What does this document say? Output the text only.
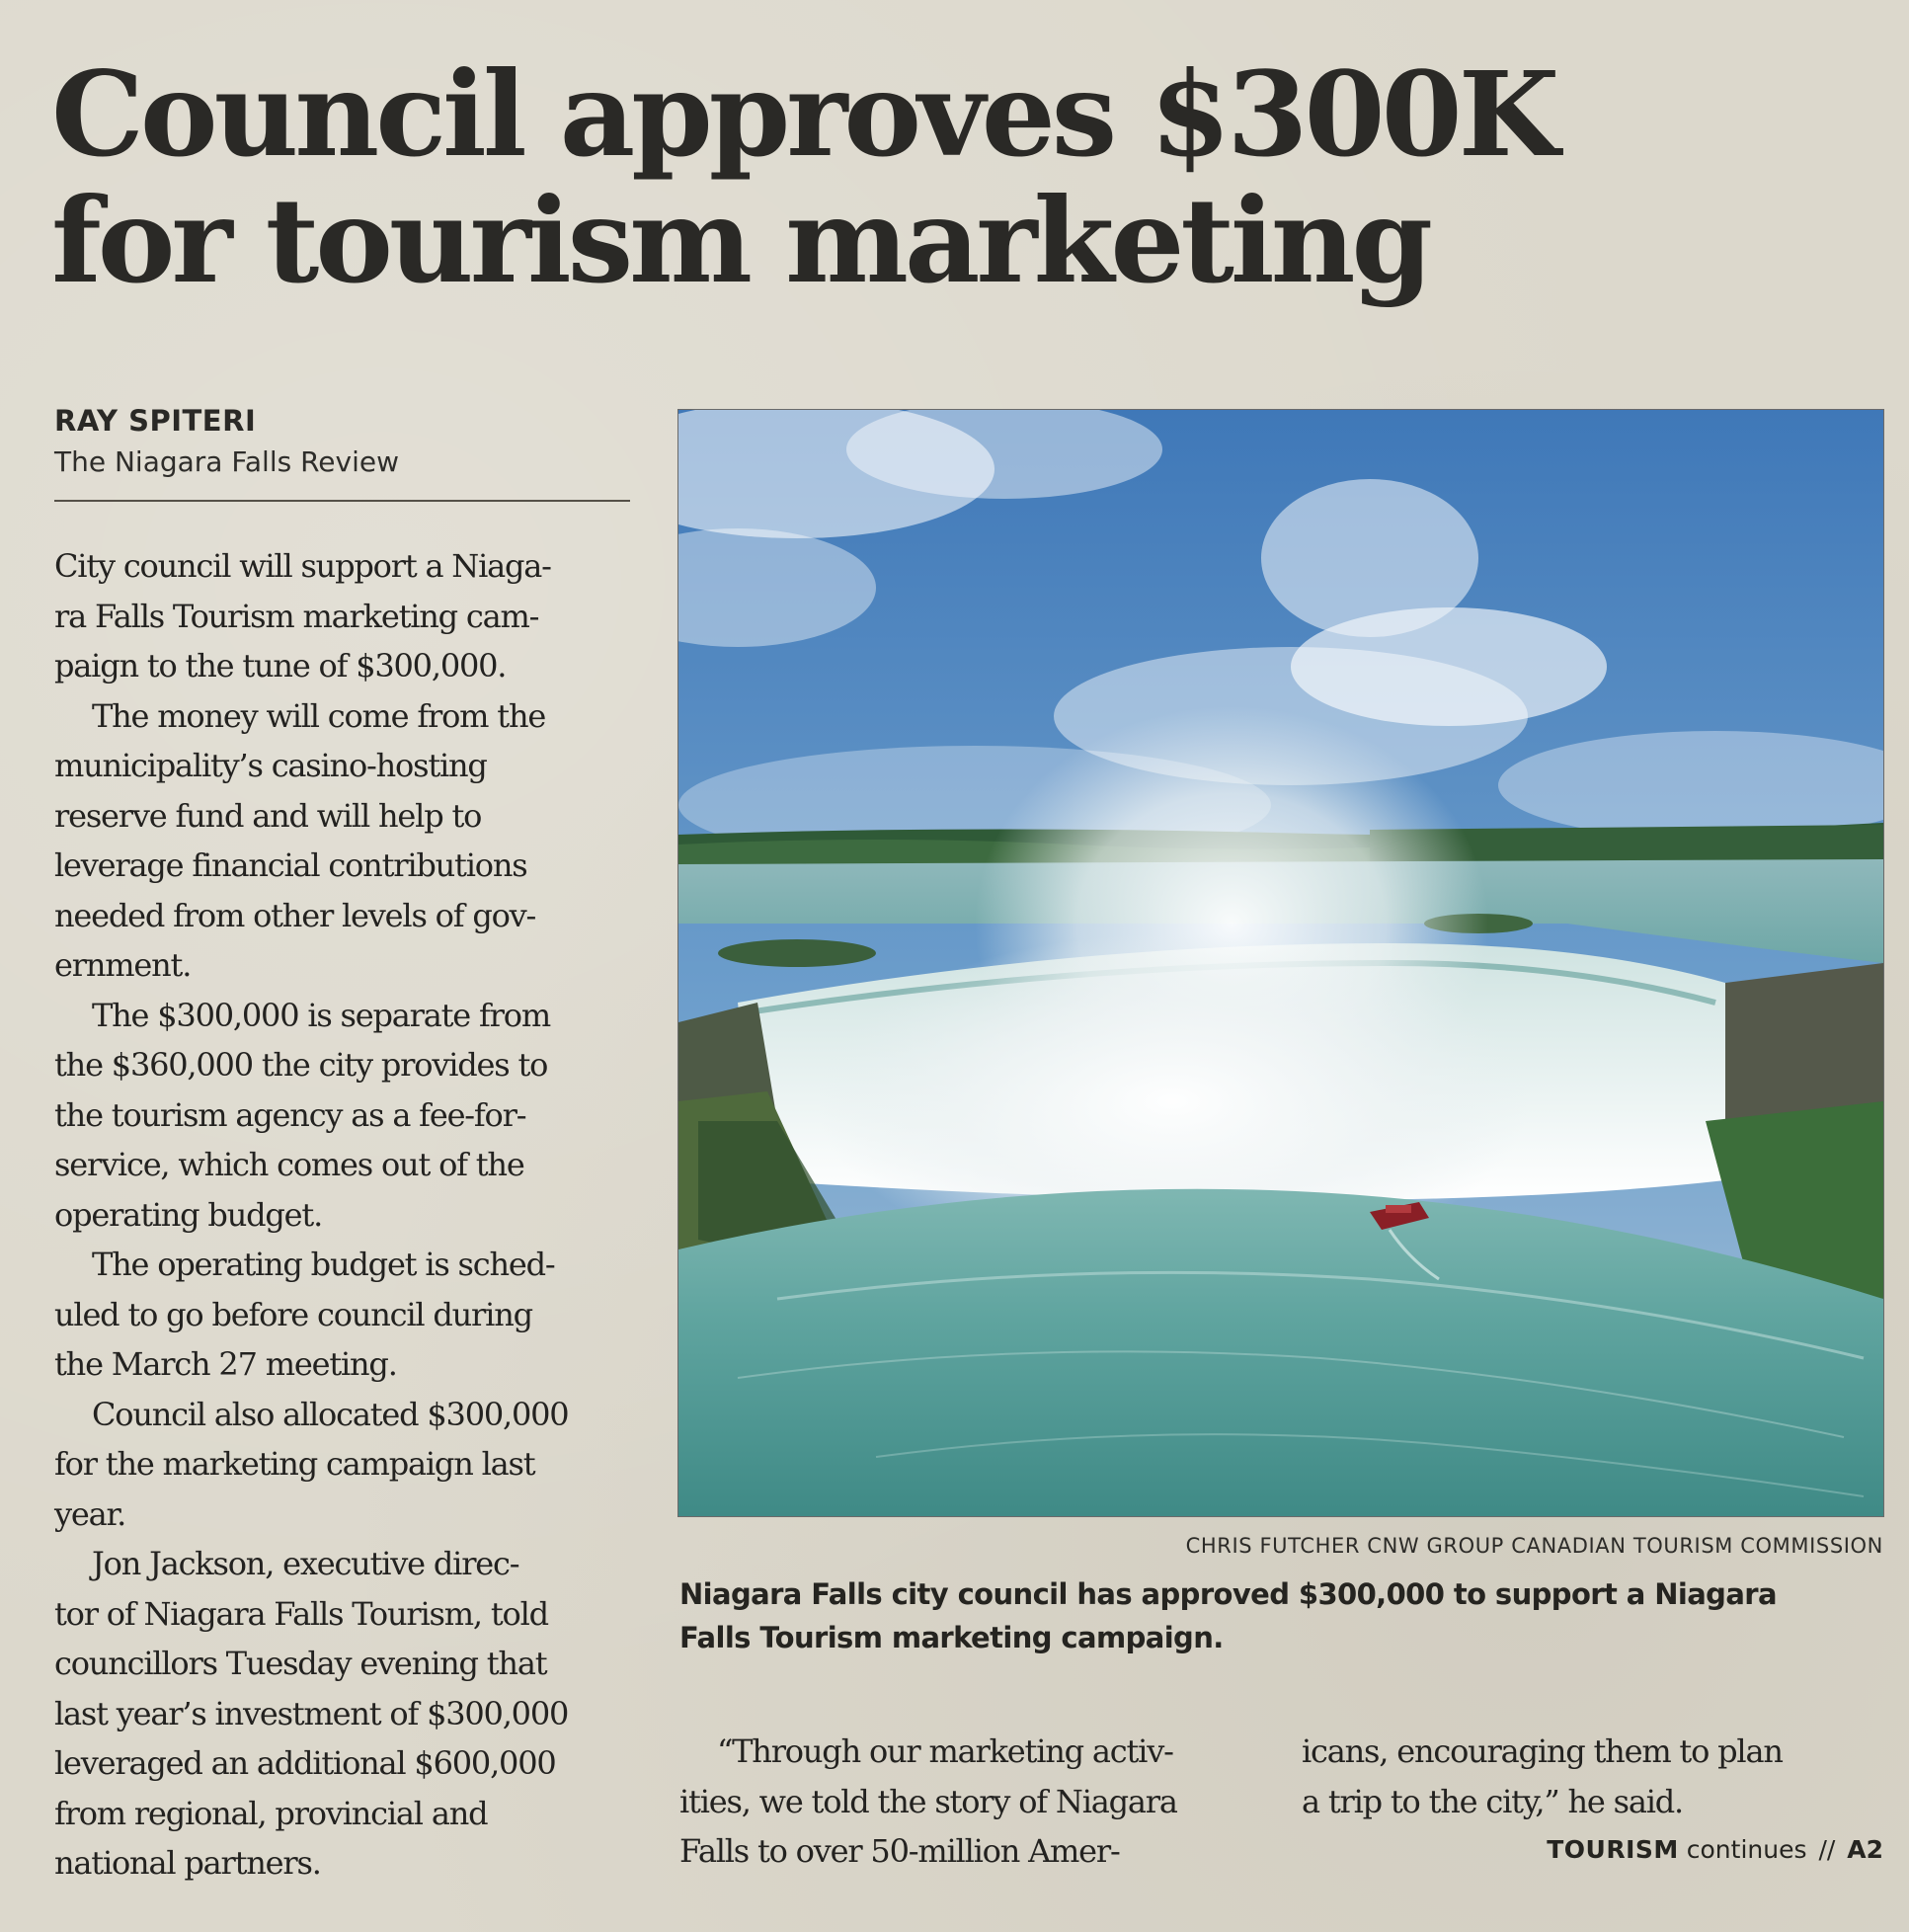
Council approves $300K
for tourism marketing
RAY SPITERI
The Niagara Falls Review

City council will support a Niaga-
ra Falls Tourism marketing cam-
paign to the tune of $300,000.

The money will come from the
municipality’s casino-hosting
reserve fund and will help to
leverage financial contributions
needed from other levels of gov-
ernment.

The $300,000 is separate from
the $360,000 the city provides to
the tourism agency as a fee-for-
service, which comes out of the
operating budget.

The operating budget is sched-
uled to go before council during
the March 27 meeting.

Council also allocated $300,000
for the marketing campaign last
year.

Jon Jackson, executive direc-
tor of Niagara Falls Tourism, told
councillors Tuesday evening that
last year’s investment of $300,000
leveraged an additional $600,000
from regional, provincial and
national partners.

CHRIS FUTCHER CNW GROUP CANADIAN TOURISM COMMISSION
Niagara Falls city council has approved $300,000 to support a Niagara
Falls Tourism marketing campaign.

“Through our marketing activ-
ities, we told the story of Niagara
Falls to over 50-million Amer-

icans, encouraging them to plan
a trip to the city,” he said.

TOURISM continues // A2
